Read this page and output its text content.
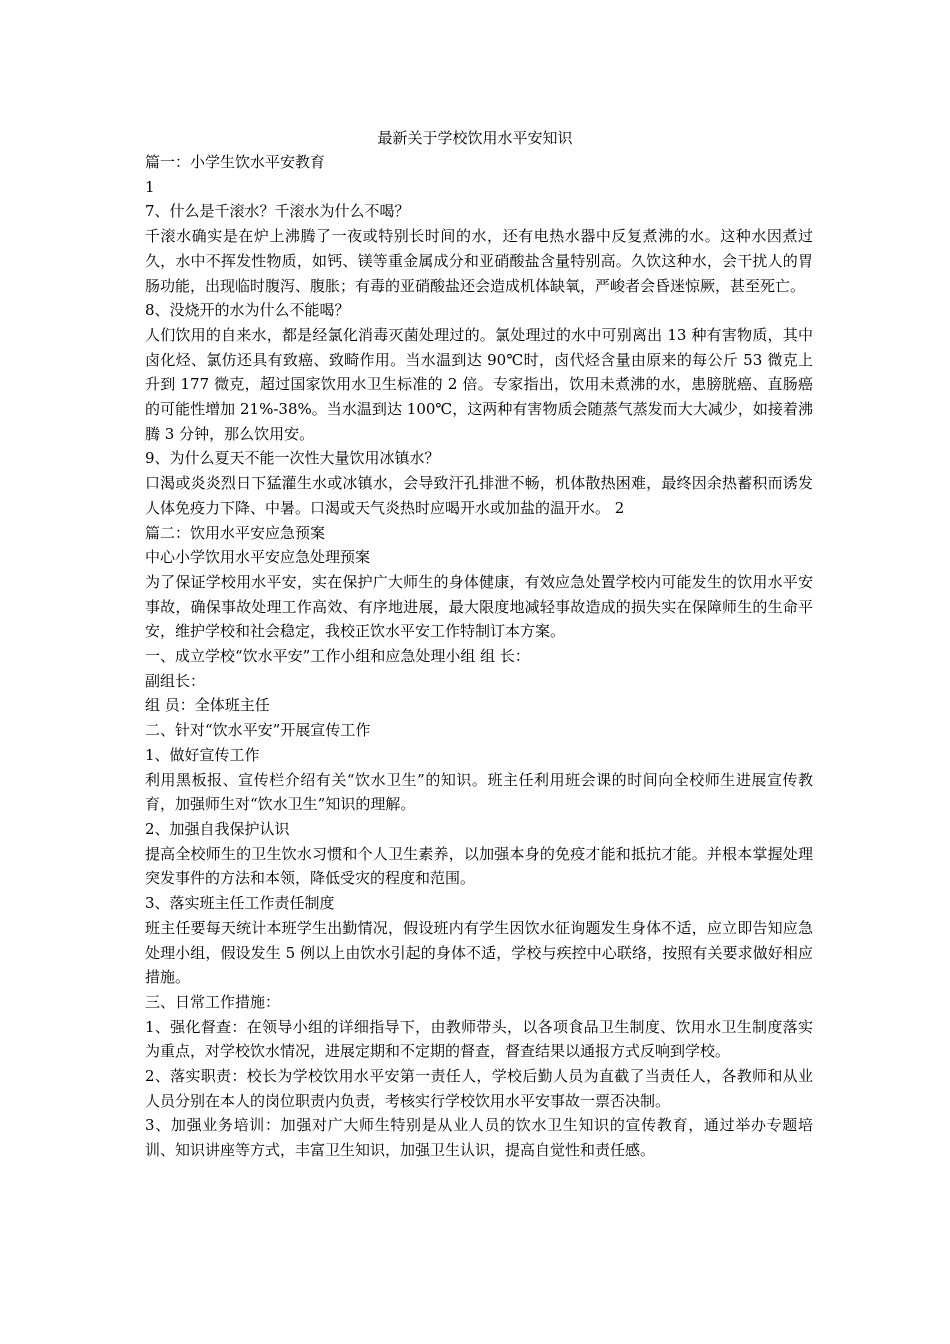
最新关于学校饮用水平安知识

篇一：小学生饮水平安教育

1

7、什么是千滚水？千滚水为什么不喝？

千滚水确实是在炉上沸腾了一夜或特别长时间的水，还有电热水器中反复煮沸的水。这种水因煮过久，水中不挥发性物质，如钙、镁等重金属成分和亚硝酸盐含量特别高。久饮这种水，会干扰人的胃肠功能，出现临时腹泻、腹胀；有毒的亚硝酸盐还会造成机体缺氧，严峻者会昏迷惊厥，甚至死亡。

8、没烧开的水为什么不能喝？

人们饮用的自来水，都是经氯化消毒灭菌处理过的。氯处理过的水中可别离出 13 种有害物质，其中卤化烃、氯仿还具有致癌、致畸作用。当水温到达 90℃时，卤代烃含量由原来的每公斤 53 微克上升到 177 微克，超过国家饮用水卫生标准的 2 倍。专家指出，饮用未煮沸的水，患膀胱癌、直肠癌的可能性增加 21%-38%。当水温到达 100℃，这两种有害物质会随蒸气蒸发而大大减少，如接着沸腾 3 分钟，那么饮用安。

9、为什么夏天不能一次性大量饮用冰镇水？

口渴或炎炎烈日下猛灌生水或冰镇水，会导致汗孔排泄不畅，机体散热困难，最终因余热蓄积而诱发人体免疫力下降、中暑。口渴或天气炎热时应喝开水或加盐的温开水。 2

篇二：饮用水平安应急预案

中心小学饮用水平安应急处理预案

为了保证学校用水平安，实在保护广大师生的身体健康，有效应急处置学校内可能发生的饮用水平安事故，确保事故处理工作高效、有序地进展，最大限度地减轻事故造成的损失实在保障师生的生命平安，维护学校和社会稳定，我校正饮水平安工作特制订本方案。

一、成立学校“饮水平安”工作小组和应急处理小组 组 长：

副组长：

组 员：全体班主任

二、针对“饮水平安”开展宣传工作

1、做好宣传工作

利用黑板报、宣传栏介绍有关“饮水卫生”的知识。班主任利用班会课的时间向全校师生进展宣传教育，加强师生对“饮水卫生”知识的理解。

2、加强自我保护认识

提高全校师生的卫生饮水习惯和个人卫生素养，以加强本身的免疫才能和抵抗才能。并根本掌握处理突发事件的方法和本领，降低受灾的程度和范围。

3、落实班主任工作责任制度

班主任要每天统计本班学生出勤情况，假设班内有学生因饮水征询题发生身体不适，应立即告知应急处理小组，假设发生 5 例以上由饮水引起的身体不适，学校与疾控中心联络，按照有关要求做好相应措施。

三、日常工作措施：

1、强化督查：在领导小组的详细指导下，由教师带头，以各项食品卫生制度、饮用水卫生制度落实为重点，对学校饮水情况，进展定期和不定期的督查，督查结果以通报方式反响到学校。

2、落实职责：校长为学校饮用水平安第一责任人，学校后勤人员为直截了当责任人，各教师和从业人员分别在本人的岗位职责内负责，考核实行学校饮用水平安事故一票否决制。

3、加强业务培训：加强对广大师生特别是从业人员的饮水卫生知识的宣传教育，通过举办专题培训、知识讲座等方式，丰富卫生知识，加强卫生认识，提高自觉性和责任感。
